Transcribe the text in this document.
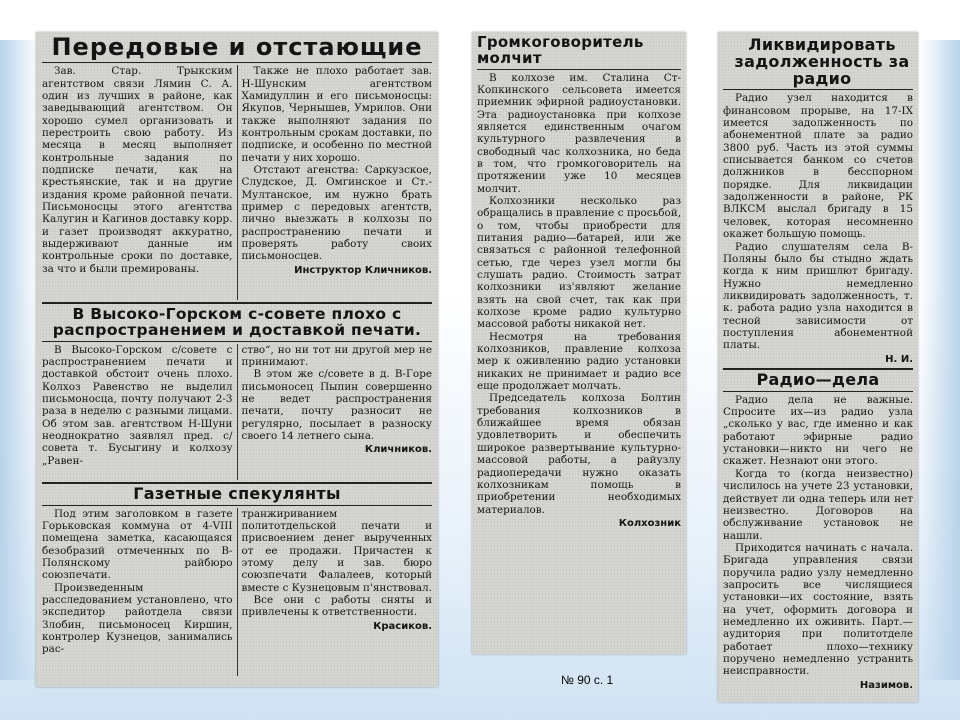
Передовые и отстающие

Зав. Стар. Трыкским агентством связи Лямин С. А. один из лучших в районе, как заведывающий агентством. Он хорошо сумел организовать и перестроить свою работу. Из месяца в месяц выполняет контрольные задания по подписке печати, как на крестьянские, так и на другие издания кроме районной печати. Письмоносцы этого агентства Калугин и Кагинов доставку корр. и газет производят аккуратно, выдерживают данные им контрольные сроки по доставке, за что и были премированы.

Также не плохо работает зав. Н-Шунским агентством Хамидуллин и его письмоносцы: Якупов, Чернышев, Умрилов. Они также выполняют задания по контрольным срокам доставки, по подписке, и особенно по местной печати у них хорошо.

Отстают агенства: Саркузское, Слудское, Д. Омгинское и Ст.-Мултанское, им нужно брать пример с передовых агентств, лично выезжать в колхозы по распространению печати и проверять работу своих письмоносцев.

Инструктор Кличников.
В Высоко-Горском с-совете плохо с распространением и доставкой печати.

В Высоко-Горском с/совете с распространением печати и доставкой обстоит очень плохо. Колхоз Равенство не выделил письмоносца, почту получают 2-3 раза в неделю с разными лицами. Об этом зав. агентством Н-Шуни неоднократно заявлял пред. с/совета т. Бусыгину и колхозу „Равен-

ство“, но ни тот ни другой мер не принимают.

В этом же с/совете в д. В-Горе письмоносец Пыпин совершенно не ведет распространения печати, почту разносит не регулярно, посылает в разноску своего 14 летнего сына.

Кличников.
Газетные спекулянты

Под этим заголовком в газете Горьковская коммуна от 4-VIII помещена заметка, касающаяся безобразий отмеченных по В-Полянскому райбюро союзпечати.

Произведенным расследованием установлено, что экспедитор райотдела связи Злобин, письмоносец Киршин, контролер Кузнецов, занимались рас-

транжириванием политотдельской печати и присвоением денег вырученных от ее продажи. Причастен к этому делу и зав. бюро союзпечати Фалалеев, который вместе с Кузнецовым п'янствовал.

Все они с работы сняты и привлечены к ответственности.

Красиков.
Громкоговоритель молчит

В колхозе им. Сталина Ст-Копкинского сельсовета имеется приемник эфирной радиоустановки. Эта радиоустановка при колхозе является единственным очагом культурного развлечения в свободный час колхозника, но беда в том, что громкоговоритель на протяжении уже 10 месяцев молчит.

Колхозники несколько раз обращались в правление с просьбой, о том, чтобы приобрести для питания радио—батарей, или же связаться с районной телефонной сетью, где через узел могли бы слушать радио. Стоимость затрат колхозники из'являют желание взять на свой счет, так как при колхозе кроме радио культурно массовой работы никакой нет.

Несмотря на требования колхозников, правление колхоза мер к оживлению радио установки никаких не принимает и радио все еще продолжает молчать.

Председатель колхоза Болтин требования колхозников в ближайшее время обязан удовлетворить и обеспечить широкое развертывание культурно-массовой работы, а райузлу радиопередачи нужно оказать колхозникам помощь в приобретении необходимых материалов.

Колхозник
Ликвидировать задолженность за радио

Радио узел находится в финансовом прорыве, на 17-IX имеется задолженность по абонементной плате за радио 3800 руб. Часть из этой суммы списывается банком со счетов должников в бесспорном порядке. Для ликвидации задолженности в районе, РК ВЛКСМ выслал бригаду в 15 человек, которая несомненно окажет большую помощь.

Радио слушателям села В-Поляны было бы стыдно ждать когда к ним пришлют бригаду. Нужно немедленно ликвидировать задолженность, т. к. работа радио узла находится в тесной зависимости от поступления абонементной платы.

Н. И.
Радио—дела

Радио дела не важные. Спросите их—из радио узла „сколько у вас, где именно и как работают эфирные радио установки—никто ни чего не скажет. Незнают они этого.

Когда то (когда неизвестно) числилось на учете 23 установки, действует ли одна теперь или нет неизвестно. Договоров на обслуживание установок не нашли.

Приходится начинать с начала. Бригада управления связи поручила радио узлу немедленно запросить все числящиеся установки—их состояние, взять на учет, оформить договора и немедленно их оживить. Парт.—аудитория при политотделе работает плохо—технику поручено немедленно устранить неисправности.

Назимов.
№ 90 с. 1
